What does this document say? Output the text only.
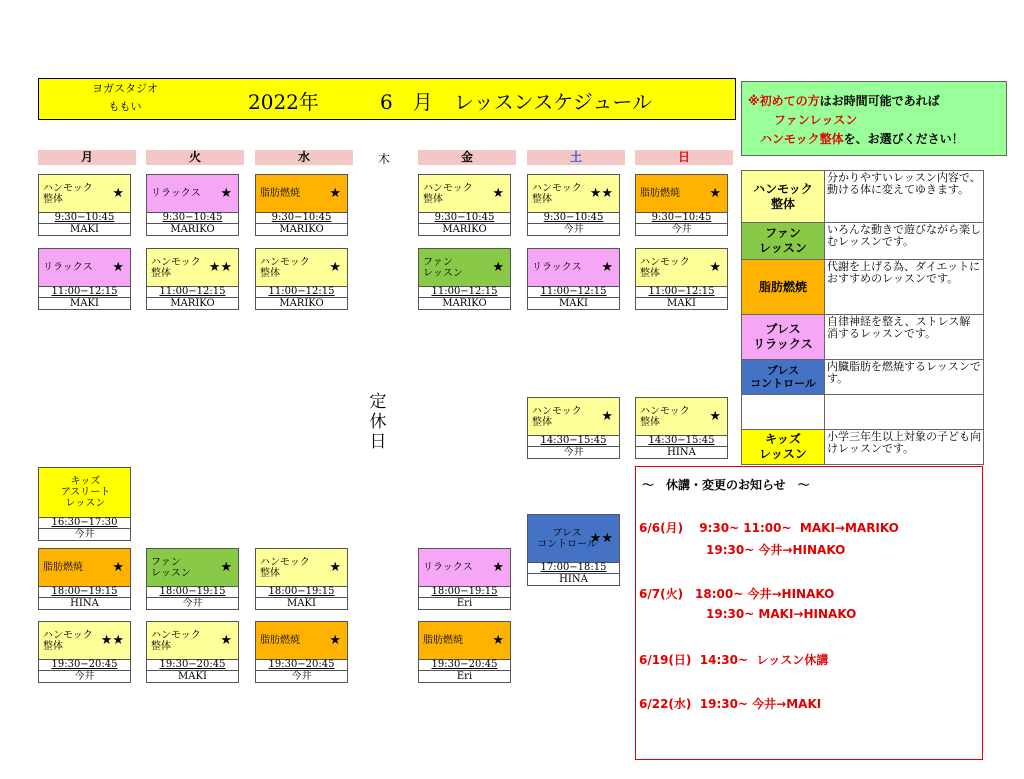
ヨガスタジオ
ももい	2022年	6　月 レッスンスケジュール	※初めての方はお時間可能であれば
ファンレッスン
ハンモック整体を、お選びください！
月	火	水	木	金	土	日
定
休
日
ハンモック
整体	★
9:30−10:45
MAKI
リラックス	★
9:30−10:45
MARIKO
脂肪燃焼	★
9:30−10:45
MARIKO
ハンモック
整体	★
9:30−10:45
MARIKO
ハンモック
整体	★★
9:30−10:45
今井
脂肪燃焼	★
9:30−10:45
今井
リラックス	★
11:00−12:15
MAKI
ハンモック
整体	★★
11:00−12:15
MARIKO
ハンモック
整体	★
11:00−12:15
MARIKO
ファン
レッスン	★
11:00−12:15
MARIKO
リラックス	★
11:00−12:15
MAKI
ハンモック
整体	★
11:00−12:15
MAKI
ハンモック
整体	★
14:30−15:45
今井
ハンモック
整体	★
14:30−15:45
HINA
キッズ
アスリート
レッスン
16:30−17:30
今井	ブレス
コントロール
★★
17:00−18:15
HINA
脂肪燃焼	★
18:00−19:15
HINA
ファン
レッスン	★
18:00−19:15
今井
ハンモック
整体	★
18:00−19:15
MAKI
リラックス	★
18:00−19:15
Eri
ハンモック
整体	★★
19:30−20:45
今井
ハンモック
整体	★
19:30−20:45
MAKI
脂肪燃焼	★
19:30−20:45
今井
脂肪燃焼	★
19:30−20:45
Eri
ハンモック
整体	分かりやすいレッスン内容で、動ける体に変えてゆきます。
ファン
レッスン	いろんな動きで遊びながら楽しむレッスンです。
脂肪燃焼	代謝を上げる為、ダイエットにおすすめのレッスンです。
ブレス
リラックス	自律神経を整え、ストレス解消するレッスンです。
ブレス
コントロール	内臓脂肪を燃焼するレッスンです。

キッズ
レッスン	小学三年生以上対象の子ども向けレッスンです。
～　休講・変更のお知らせ　～
6/6(月)　 9:30~ 11:00~  MAKI→MARIKO
19:30~ 今井→HINAKO
6/7(火)　18:00~ 今井→HINAKO
19:30~ MAKI→HINAKO
6/19(日)  14:30~  レッスン休講
6/22(水)  19:30~ 今井→MAKI
